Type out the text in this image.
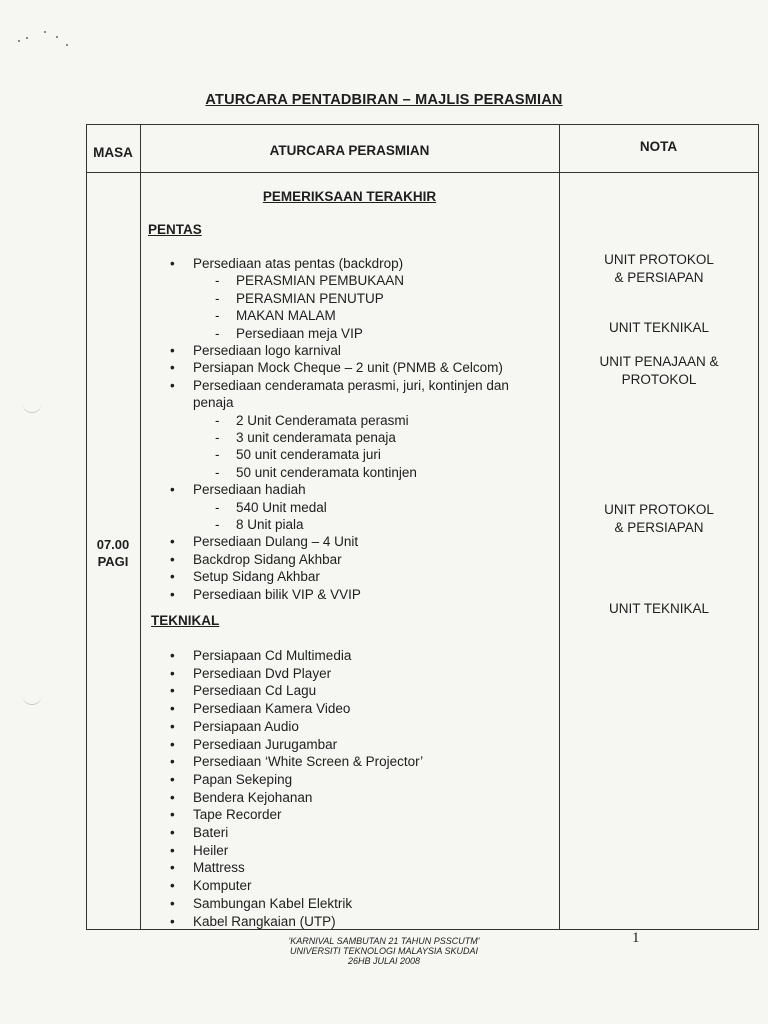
ATURCARA PENTADBIRAN – MAJLIS PERASMIAN
MASA	ATURCARA PERASMIAN	NOTA
07.00
PAGI
PEMERIKSAAN TERAKHIR
PENTAS
• Persediaan atas pentas (backdrop)
- PERASMIAN PEMBUKAAN
- PERASMIAN PENUTUP
- MAKAN MALAM
- Persediaan meja VIP
• Persediaan logo karnival
• Persiapan Mock Cheque – 2 unit (PNMB & Celcom)
• Persediaan cenderamata perasmi, juri, kontinjen dan
penaja
- 2 Unit Cenderamata perasmi
- 3 unit cenderamata penaja
- 50 unit cenderamata juri
- 50 unit cenderamata kontinjen
• Persediaan hadiah
- 540 Unit medal
- 8 Unit piala
• Persediaan Dulang – 4 Unit
• Backdrop Sidang Akhbar
• Setup Sidang Akhbar
• Persediaan bilik VIP & VVIP
TEKNIKAL
• Persiapaan Cd Multimedia
• Persediaan Dvd Player
• Persediaan Cd Lagu
• Persediaan Kamera Video
• Persiapaan Audio
• Persediaan Jurugambar
• Persediaan ‘White Screen & Projector’
• Papan Sekeping
• Bendera Kejohanan
• Tape Recorder
• Bateri
• Heiler
• Mattress
• Komputer
• Sambungan Kabel Elektrik
• Kabel Rangkaian (UTP)
UNIT PROTOKOL
& PERSIAPAN
UNIT TEKNIKAL
UNIT PENAJAAN &
PROTOKOL
UNIT PROTOKOL
& PERSIAPAN
UNIT TEKNIKAL
'KARNIVAL SAMBUTAN 21 TAHUN PSSCUTM'
UNIVERSITI TEKNOLOGI MALAYSIA SKUDAI
26HB JULAI 2008
1
